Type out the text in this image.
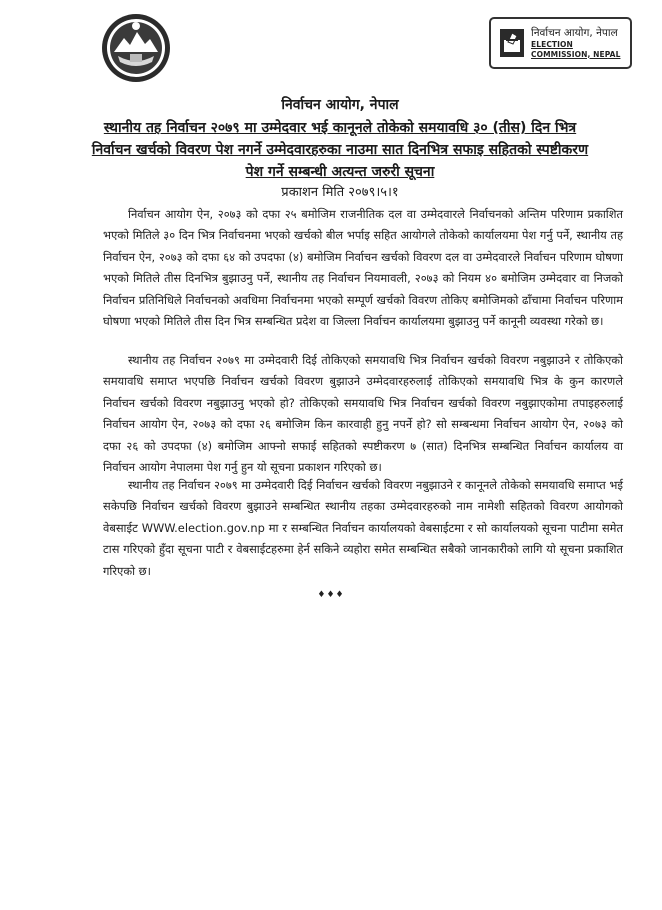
निर्वाचन आयोग, नेपाल
ELECTION COMMISSION, NEPAL
निर्वाचन आयोग, नेपाल
स्थानीय तह निर्वाचन २०७९ मा उम्मेदवार भई कानूनले तोकेको समयावधि ३० (तीस) दिन भित्र
निर्वाचन खर्चको विवरण पेश नगर्ने उम्मेदवारहरुका नाउमा सात दिनभित्र सफाइ सहितको स्पष्टीकरण
पेश गर्ने सम्बन्धी अत्यन्त जरुरी सूचना
प्रकाशन मिति २०७९।५।१

निर्वाचन आयोग ऐन, २०७३ को दफा २५ बमोजिम राजनीतिक दल वा उम्मेदवारले निर्वाचनको अन्तिम परिणाम प्रकाशित भएको मितिले ३० दिन भित्र निर्वाचनमा भएको खर्चको बील भर्पाइ सहित आयोगले तोकेको कार्यालयमा पेश गर्नु पर्ने, स्थानीय तह निर्वाचन ऐन, २०७३ को दफा ६४ को उपदफा (४) बमोजिम निर्वाचन खर्चको विवरण दल वा उम्मेदवारले निर्वाचन परिणाम घोषणा भएको मितिले तीस दिनभित्र बुझाउनु पर्ने, स्थानीय तह निर्वाचन नियमावली, २०७३ को नियम ४० बमोजिम उम्मेदवार वा निजको निर्वाचन प्रतिनिधिले निर्वाचनको अवधिमा निर्वाचनमा भएको सम्पूर्ण खर्चको विवरण तोकिए बमोजिमको ढाँचामा निर्वाचन परिणाम घोषणा भएको मितिले तीस दिन भित्र सम्बन्धित प्रदेश वा जिल्ला निर्वाचन कार्यालयमा बुझाउनु पर्ने कानूनी व्यवस्था गरेको छ।

स्थानीय तह निर्वाचन २०७९ मा उम्मेदवारी दिई तोकिएको समयावधि भित्र निर्वाचन खर्चको विवरण नबुझाउने र तोकिएको समयावधि समाप्त भएपछि निर्वाचन खर्चको विवरण बुझाउने उम्मेदवारहरुलाई तोकिएको समयावधि भित्र के कुन कारणले निर्वाचन खर्चको विवरण नबुझाउनु भएको हो? तोकिएको समयावधि भित्र निर्वाचन खर्चको विवरण नबुझाएकोमा तपाइहरुलाई निर्वाचन आयोग ऐन, २०७३ को दफा २६ बमोजिम किन कारवाही हुनु नपर्ने हो? सो सम्बन्धमा निर्वाचन आयोग ऐन, २०७३ को दफा २६ को उपदफा (४) बमोजिम आफ्नो सफाई सहितको स्पष्टीकरण ७ (सात) दिनभित्र सम्बन्धित निर्वाचन कार्यालय वा निर्वाचन आयोग नेपालमा पेश गर्नु हुन यो सूचना प्रकाशन गरिएको छ।

स्थानीय तह निर्वाचन २०७९ मा उम्मेदवारी दिई निर्वाचन खर्चको विवरण नबुझाउने र कानूनले तोकेको समयावधि समाप्त भई सकेपछि निर्वाचन खर्चको विवरण बुझाउने सम्बन्धित स्थानीय तहका उम्मेदवारहरुको नाम नामेशी सहितको विवरण आयोगको वेबसाईट WWW.election.gov.np मा र सम्बन्धित निर्वाचन कार्यालयको वेबसाईटमा र सो कार्यालयको सूचना पाटीमा समेत टास गरिएको हुँदा सूचना पाटी र वेबसाईटहरुमा हेर्न सकिने व्यहोरा समेत सम्बन्धित सबैको जानकारीको लागि यो सूचना प्रकाशित गरिएको छ।

♦♦♦
